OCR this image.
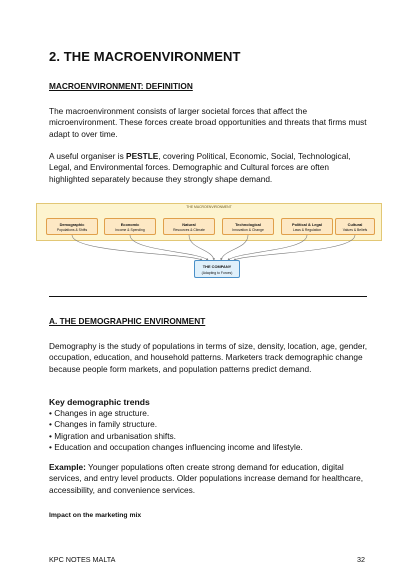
2. THE MACROENVIRONMENT
MACROENVIRONMENT: DEFINITION
The macroenvironment consists of larger societal forces that affect the microenvironment. These forces create broad opportunities and threats that firms must adapt to over time.
A useful organiser is PESTLE, covering Political, Economic, Social, Technological, Legal, and Environmental forces. Demographic and Cultural forces are often highlighted separately because they strongly shape demand.
THE MACROENVIRONMENT
Demographic
Populations & Shifts
Economic
Income & Spending
Natural
Resources & Climate
Technological
Innovation & Change
Political & Legal
Laws & Regulation
Cultural
Values & Beliefs
THE COMPANY
(Adapting to Forces)
A. THE DEMOGRAPHIC ENVIRONMENT
Demography is the study of populations in terms of size, density, location, age, gender, occupation, education, and household patterns. Marketers track demographic change because people form markets, and population patterns predict demand.
Key demographic trends
• Changes in age structure.
• Changes in family structure.
• Migration and urbanisation shifts.
• Education and occupation changes influencing income and lifestyle.
Example: Younger populations often create strong demand for education, digital services, and entry level products. Older populations increase demand for healthcare, accessibility, and convenience services.
Impact on the marketing mix
KPC NOTES MALTA	32
